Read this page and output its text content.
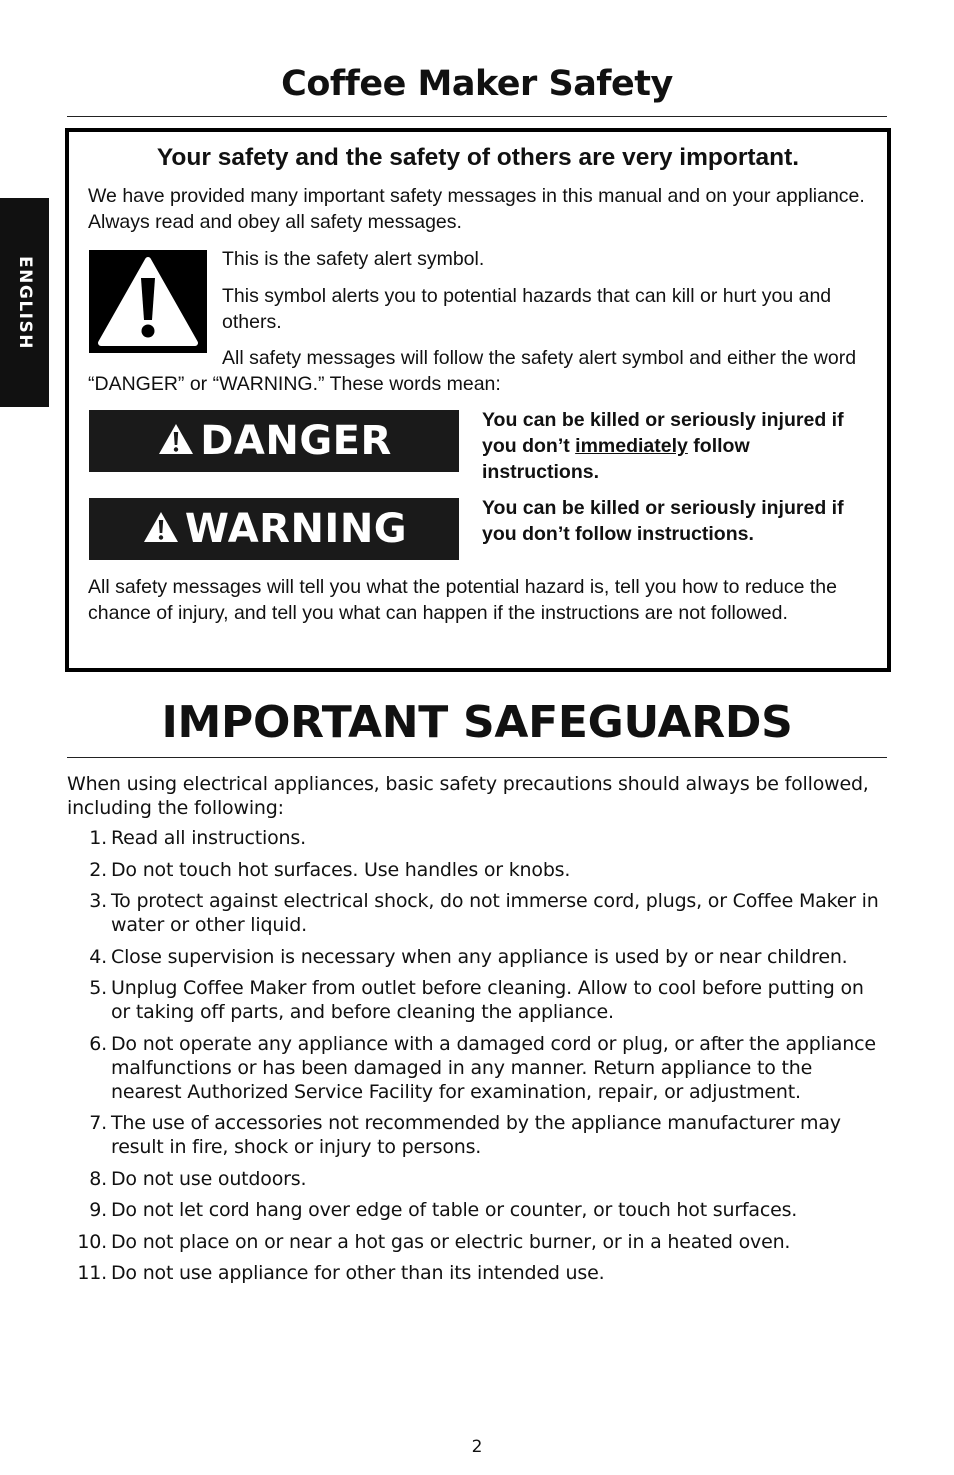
ENGLISH
Coffee Maker Safety
Your safety and the safety of others are very important.

We have provided many important safety messages in this manual and on your appliance. Always read and obey all safety messages.

This is the safety alert symbol.

This symbol alerts you to potential hazards that can kill or hurt you and others.

All safety messages will follow the safety alert symbol and either the word “DANGER” or “WARNING.” These words mean:

DANGER	You can be killed or seriously injured if you don’t immediately follow instructions.

WARNING	You can be killed or seriously injured if you don’t follow instructions.

All safety messages will tell you what the potential hazard is, tell you how to reduce the chance of injury, and tell you what can happen if the instructions are not followed.

IMPORTANT SAFEGUARDS

When using electrical appliances, basic safety precautions should always be followed, including the following:

1. Read all instructions.
2. Do not touch hot surfaces. Use handles or knobs.
3. To protect against electrical shock, do not immerse cord, plugs, or Coffee Maker in water or other liquid.
4. Close supervision is necessary when any appliance is used by or near children.
5. Unplug Coffee Maker from outlet before cleaning. Allow to cool before putting on or taking off parts, and before cleaning the appliance.
6. Do not operate any appliance with a damaged cord or plug, or after the appliance malfunctions or has been damaged in any manner. Return appliance to the nearest Authorized Service Facility for examination, repair, or adjustment.
7. The use of accessories not recommended by the appliance manufacturer may result in fire, shock or injury to persons.
8. Do not use outdoors.
9. Do not let cord hang over edge of table or counter, or touch hot surfaces.
10. Do not place on or near a hot gas or electric burner, or in a heated oven.
11. Do not use appliance for other than its intended use.
2
